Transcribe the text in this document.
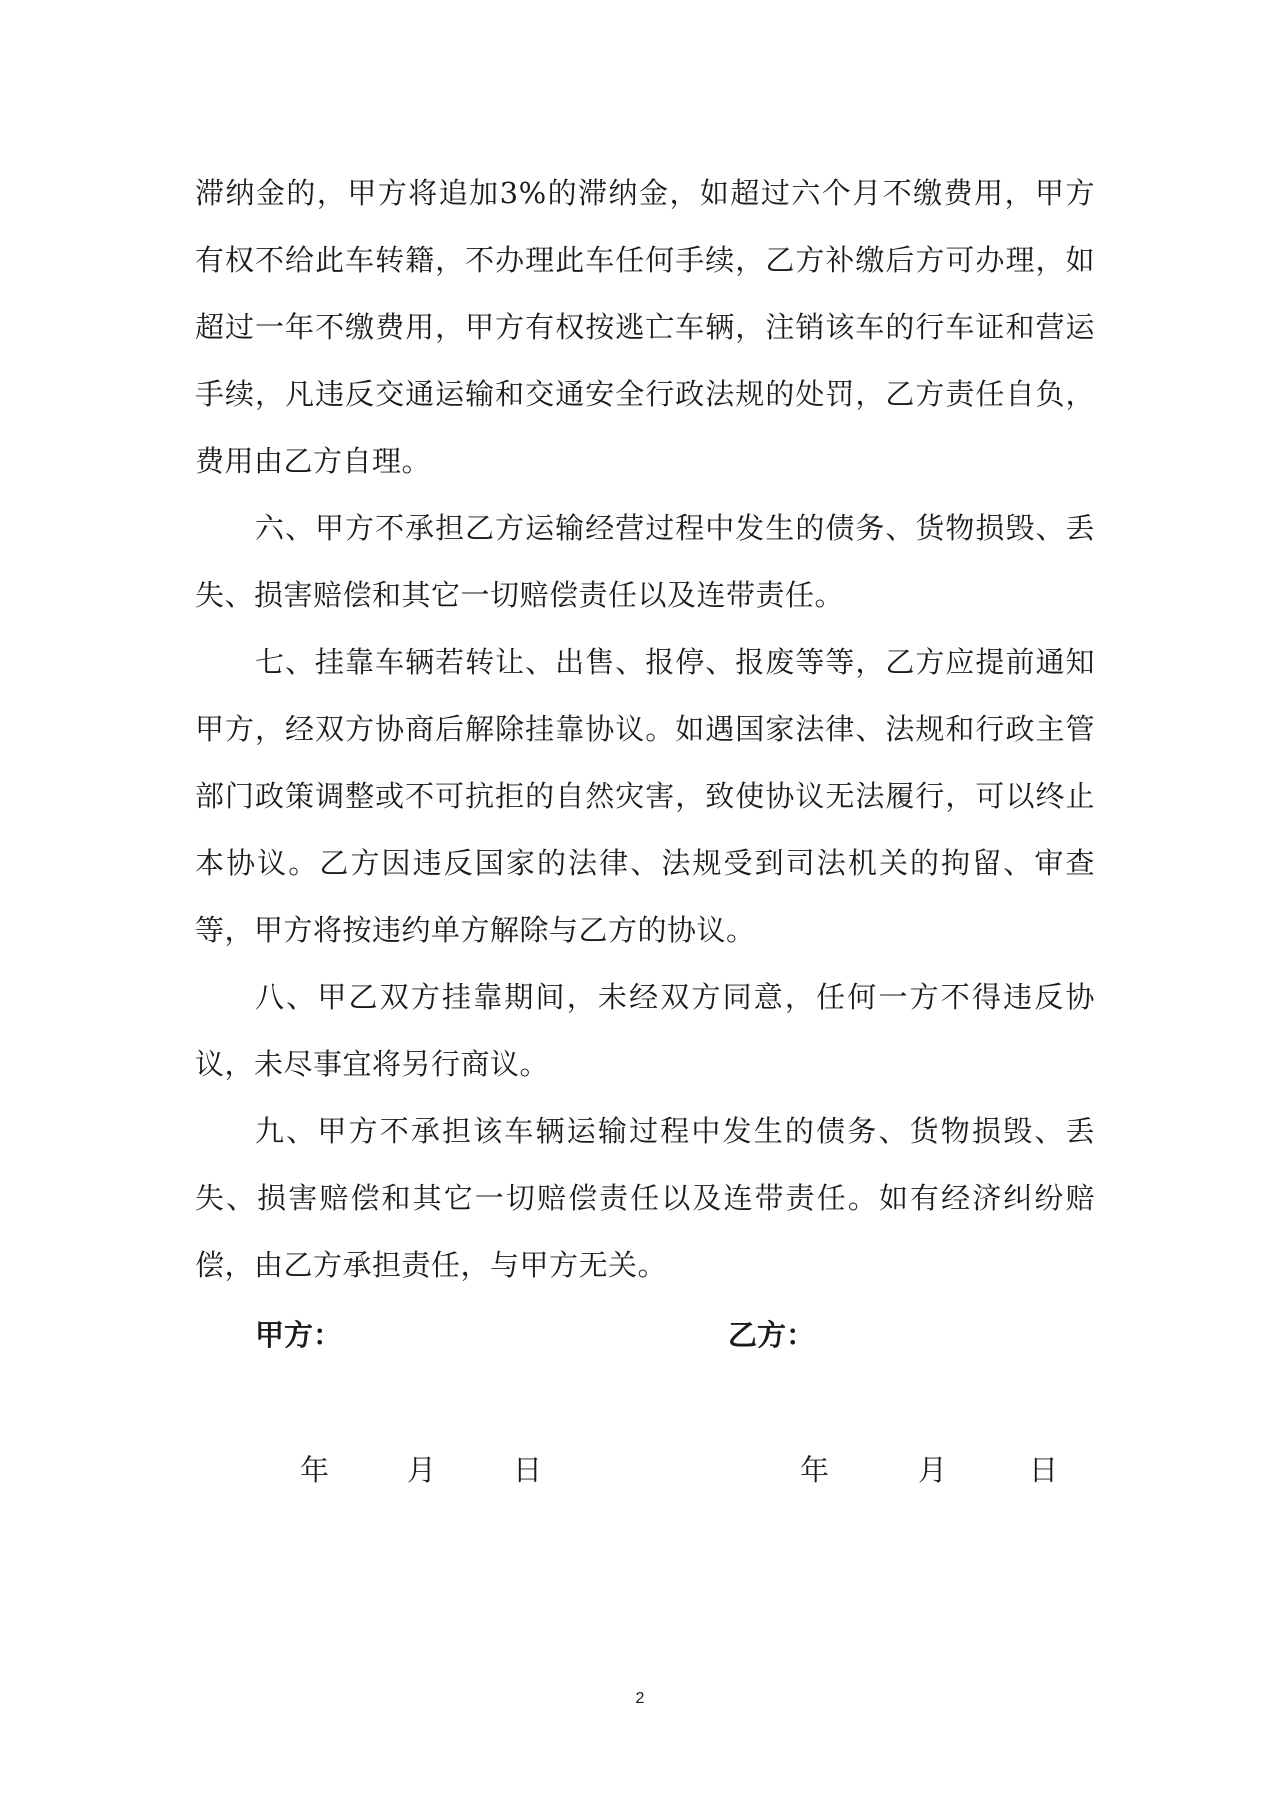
滞纳金的，甲方将追加3%的滞纳金，如超过六个月不缴费用，甲方有权不给此车转籍，不办理此车任何手续，乙方补缴后方可办理，如超过一年不缴费用，甲方有权按逃亡车辆，注销该车的行车证和营运手续，凡违反交通运输和交通安全行政法规的处罚，乙方责任自负，费用由乙方自理。

六、甲方不承担乙方运输经营过程中发生的债务、货物损毁、丢失、损害赔偿和其它一切赔偿责任以及连带责任。

七、挂靠车辆若转让、出售、报停、报废等等，乙方应提前通知甲方，经双方协商后解除挂靠协议。如遇国家法律、法规和行政主管部门政策调整或不可抗拒的自然灾害，致使协议无法履行，可以终止本协议。乙方因违反国家的法律、法规受到司法机关的拘留、审查等，甲方将按违约单方解除与乙方的协议。

八、甲乙双方挂靠期间，未经双方同意，任何一方不得违反协议，未尽事宜将另行商议。

九、甲方不承担该车辆运输过程中发生的债务、货物损毁、丢失、损害赔偿和其它一切赔偿责任以及连带责任。如有经济纠纷赔偿，由乙方承担责任，与甲方无关。

甲方：	乙方：
年	月	日	年	月	日
2
